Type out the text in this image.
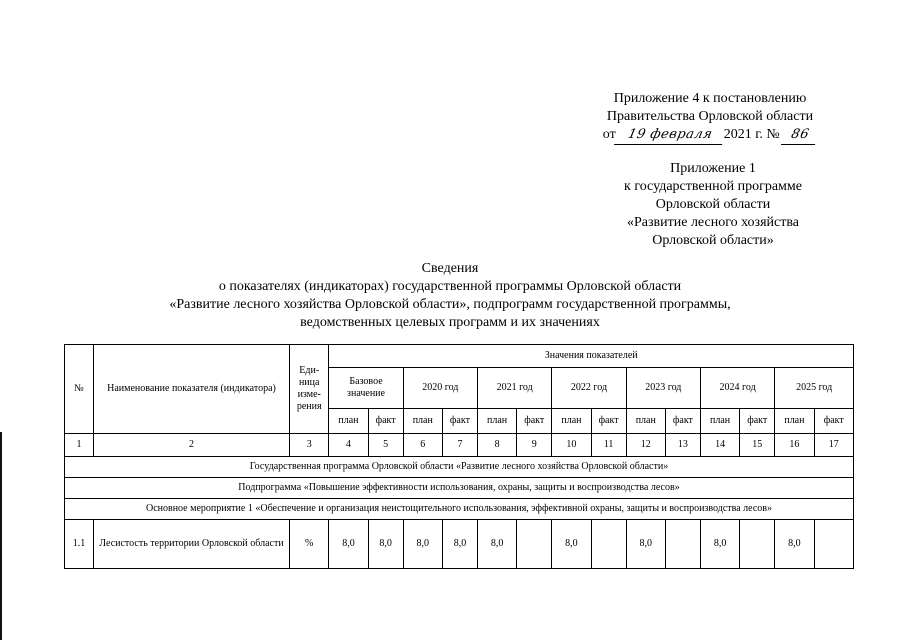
Приложение 4 к постановлению
Правительства Орловской области
от 19 февраля 2021 г. № 86
Приложение 1
к государственной программе
Орловской области
«Развитие лесного хозяйства
Орловской области»
Сведения
о показателях (индикаторах) государственной программы Орловской области
«Развитие лесного хозяйства Орловской области», подпрограмм государственной программы,
ведомственных целевых программ и их значениях
№	Наименование показателя (индикатора)	Еди- ница изме- рения	Значения показателей													
			Базовое значение		2020 год		2021 год		2022 год		2023 год		2024 год		2025 год	
			план	факт	план	факт	план	факт	план	факт	план	факт	план	факт	план	факт
1	2	3	4	5	6	7	8	9	10	11	12	13	14	15	16	17
Государственная программа Орловской области «Развитие лесного хозяйства Орловской области»																
Подпрограмма «Повышение эффективности использования, охраны, защиты и воспроизводства лесов»																
Основное мероприятие 1 «Обеспечение и организация неистощительного использования, эффективной охраны, защиты и воспроизводства лесов»																
1.1	Лесистость территории Орловской области	%	8,0	8,0	8,0	8,0	8,0		8,0		8,0		8,0		8,0	
